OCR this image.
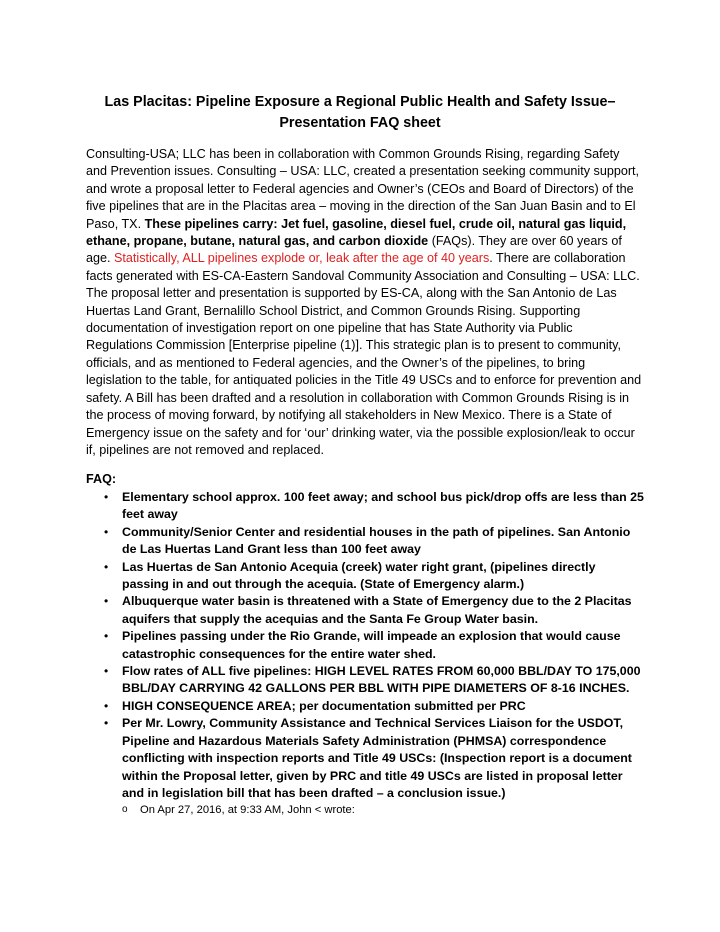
Las Placitas: Pipeline Exposure a Regional Public Health and Safety Issue–
Presentation FAQ sheet

Consulting-USA; LLC has been in collaboration with Common Grounds Rising, regarding Safety and Prevention issues. Consulting – USA: LLC, created a presentation seeking community support, and wrote a proposal letter to Federal agencies and Owner’s (CEOs and Board of Directors) of the five pipelines that are in the Placitas area – moving in the direction of the San Juan Basin and to El Paso, TX. These pipelines carry: Jet fuel, gasoline, diesel fuel, crude oil, natural gas liquid, ethane, propane, butane, natural gas, and carbon dioxide (FAQs). They are over 60 years of age. Statistically, ALL pipelines explode or, leak after the age of 40 years. There are collaboration facts generated with ES-CA-Eastern Sandoval Community Association and Consulting – USA: LLC. The proposal letter and presentation is supported by ES-CA, along with the San Antonio de Las Huertas Land Grant, Bernalillo School District, and Common Grounds Rising. Supporting documentation of investigation report on one pipeline that has State Authority via Public Regulations Commission [Enterprise pipeline (1)]. This strategic plan is to present to community, officials, and as mentioned to Federal agencies, and the Owner’s of the pipelines, to bring legislation to the table, for antiquated policies in the Title 49 USCs and to enforce for prevention and safety. A Bill has been drafted and a resolution in collaboration with Common Grounds Rising is in the process of moving forward, by notifying all stakeholders in New Mexico. There is a State of Emergency issue on the safety and for ‘our’ drinking water, via the possible explosion/leak to occur if, pipelines are not removed and replaced.

FAQ:

• Elementary school approx. 100 feet away; and school bus pick/drop offs are less than 25 feet away
• Community/Senior Center and residential houses in the path of pipelines. San Antonio de Las Huertas Land Grant less than 100 feet away
• Las Huertas de San Antonio Acequia (creek) water right grant, (pipelines directly passing in and out through the acequia. (State of Emergency alarm.)
• Albuquerque water basin is threatened with a State of Emergency due to the 2 Placitas aquifers that supply the acequias and the Santa Fe Group Water basin.
• Pipelines passing under the Rio Grande, will impeade an explosion that would cause catastrophic consequences for the entire water shed.
• Flow rates of ALL five pipelines: HIGH LEVEL RATES FROM 60,000 BBL/DAY TO 175,000 BBL/DAY CARRYING 42 GALLONS PER BBL WITH PIPE DIAMETERS OF 8-16 INCHES.
• HIGH CONSEQUENCE AREA; per documentation submitted per PRC
• Per Mr. Lowry, Community Assistance and Technical Services Liaison for the USDOT, Pipeline and Hazardous Materials Safety Administration (PHMSA) correspondence conflicting with inspection reports and Title 49 USCs: (Inspection report is a document within the Proposal letter, given by PRC and title 49 USCs are listed in proposal letter and in legislation bill that has been drafted – a conclusion issue.)
o On Apr 27, 2016, at 9:33 AM, John < wrote:
